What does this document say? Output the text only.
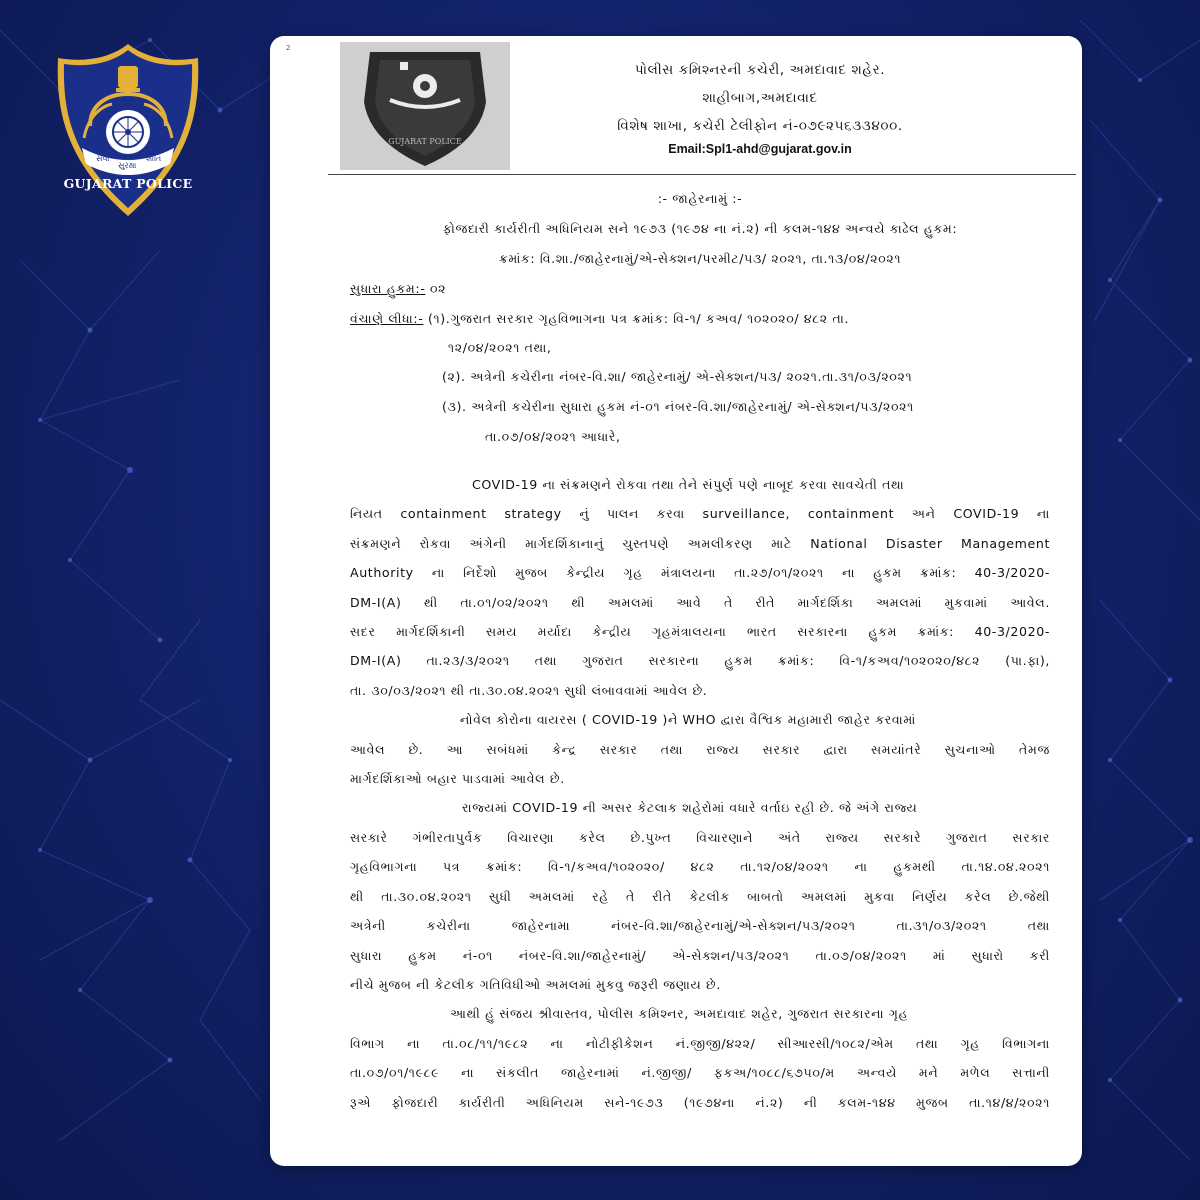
સેવા
સુરક્ષા
શાંતિ
GUJARAT POLICE
2
GUJARAT POLICE
પોલીસ કમિશ્નરની કચેરી, અમદાવાદ શહેર.
શાહીબાગ,અમદાવાદ
વિશેષ શાખા, કચેરી ટેલીફોન નં-૦૭૯૨૫૬૩૩૪૦૦.
Email:Spl1-ahd@gujarat.gov.in
:- જાહેરનામું :-
ફોજદારી કાર્યરીતી અધિનિયમ સને ૧૯૭૩ (૧૯૭૪ ના નં.૨) ની કલમ-૧૪૪ અન્વયે કાઢેલ હુકમ:
ક્રમાંક: વિ.શા./જાહેરનામું/એ-સેક્શન/પરમીટ/૫૩/ ૨૦૨૧, તા.૧૩/૦૪/૨૦૨૧
સુધારા હુકમ:- ૦૨
વંચાણે લીધા:- (૧).ગુજરાત સરકાર ગૃહવિભાગના પત્ર ક્રમાંક: વિ-૧/ કઅવ/ ૧૦૨૦૨૦/ ૪૮૨ તા.
૧૨/૦૪/૨૦૨૧ તથા,
(૨). અત્રેની કચેરીના નંબર-વિ.શા/ જાહેરનામું/ એ-સેક્શન/૫૩/ ૨૦૨૧.તા.૩૧/૦૩/૨૦૨૧
(૩). અત્રેની કચેરીના સુધારા હુકમ નં-૦૧ નંબર-વિ.શા/જાહેરનામું/ એ-સેક્શન/૫૩/૨૦૨૧
તા.૦૭/૦૪/૨૦૨૧ આધારે,
COVID-19 ના સંક્રમણને રોકવા તથા તેને સંપુર્ણ પણે નાબૂદ કરવા સાવચેતી તથા
નિયત containment strategy નું પાલન કરવા surveillance, containment અને COVID-19 ના
સંક્રમણને રોકવા અંગેની માર્ગદર્શિકાનાનું ચુસ્તપણે અમલીકરણ માટે National Disaster Management
Authority ના નિર્દેશો મુજબ કેન્દ્રીય ગૃહ મંત્રાલયના તા.૨૭/૦૧/૨૦૨૧ ના હુકમ ક્રમાંક: 40-3/2020-
DM-I(A) થી તા.૦૧/૦૨/૨૦૨૧ થી અમલમાં આવે તે રીતે માર્ગદર્શિકા અમલમાં મુકવામાં આવેલ.
સદર માર્ગદર્શિકાની સમય મર્યાદા કેન્દ્રીય ગૃહમંત્રાલયના ભારત સરકારના હુકમ ક્રમાંક: 40-3/2020-
DM-I(A) તા.૨૩/૩/૨૦૨૧ તથા ગુજરાત સરકારના હુકમ ક્રમાંક: વિ-૧/કઅવ/૧૦૨૦૨૦/૪૮૨ (પા.ફા),
તા. ૩૦/૦૩/૨૦૨૧ થી તા.૩૦.૦૪.૨૦૨૧ સુધી લંબાવવામાં આવેલ છે.
નોવેલ કોરોના વાયરસ ( COVID-19 )ને WHO દ્વારા વૈશ્વિક મહામારી જાહેર કરવામાં
આવેલ છે. આ સબંધમાં કેન્દ્ર સરકાર તથા રાજ્ય સરકાર દ્વારા સમયાંતરે સુચનાઓ તેમજ
માર્ગદર્શિકાઓ બહાર પાડવામાં આવેલ છે.
રાજ્યમાં COVID-19 ની અસર કેટલાક શહેરોમાં વધારે વર્તાઇ રહી છે. જે અંગે રાજ્ય
સરકારે ગંભીરતાપુર્વક વિચારણા કરેલ છે.પુખ્ત વિચારણાને અંતે રાજ્ય સરકારે ગુજરાત સરકાર
ગૃહવિભાગના પત્ર ક્રમાંક: વિ-૧/કઅવ/૧૦૨૦૨૦/ ૪૮૨ તા.૧૨/૦૪/૨૦૨૧ ના હુકમથી તા.૧૪.૦૪.૨૦૨૧
થી તા.૩૦.૦૪.૨૦૨૧ સુધી અમલમાં રહે તે રીતે કેટલીક બાબતો અમલમાં મુકવા નિર્ણય કરેલ છે.જેથી
અત્રેની કચેરીના જાહેરનામા નંબર-વિ.શા/જાહેરનામું/એ-સેક્શન/૫૩/૨૦૨૧ તા.૩૧/૦૩/૨૦૨૧ તથા
સુધારા હુકમ નં-૦૧ નંબર-વિ.શા/જાહેરનામું/ એ-સેક્શન/૫૩/૨૦૨૧ તા.૦૭/૦૪/૨૦૨૧ માં સુધારો કરી
નીચે મુજબ ની કેટલીક ગતિવિધીઓ અમલમાં મુકવુ જરૂરી જણાય છે.
આથી હું સંજય શ્રીવાસ્તવ, પોલીસ કમિશ્નર, અમદાવાદ શહેર, ગુજરાત સરકારના ગૃહ
વિભાગ ના તા.૦૮/૧૧/૧૯૮૨ ના નોટીફીકેશન નં.જીજી/૪૨૨/ સીઆરસી/૧૦૮૨/એમ તથા ગૃહ વિભાગના
તા.૦૭/૦૧/૧૯૮૯ ના સંકલીત જાહેરનામાં નં.જીજી/ ફકઅ/૧૦૮૮/૬૭૫૦/મ અન્વયે મને મળેલ સત્તાની
રૂએ ફોજદારી કાર્યરીતી અધિનિયમ સને-૧૯૭૩ (૧૯૭૪ના નં.૨) ની કલમ-૧૪૪ મુજબ તા.૧૪/૪/૨૦૨૧
